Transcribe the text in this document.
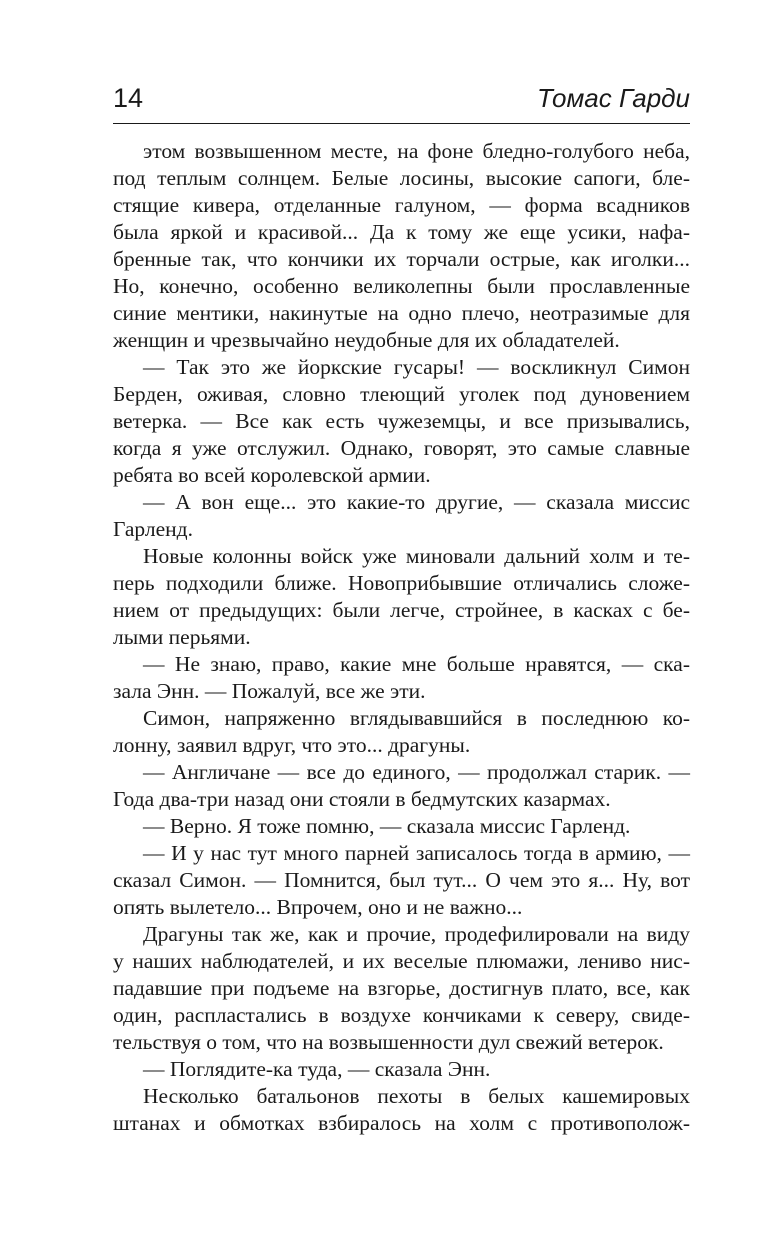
14	Томас Гарди

этом возвышенном месте, на фоне бледно-голубого неба,
под теплым солнцем. Белые лосины, высокие сапоги, бле-
стящие кивера, отделанные галуном, — форма всадников
была яркой и красивой... Да к тому же еще усики, нафа-
бренные так, что кончики их торчали острые, как иголки...
Но, конечно, особенно великолепны были прославленные
синие ментики, накинутые на одно плечо, неотразимые для
женщин и чрезвычайно неудобные для их обладателей.

— Так это же йоркские гусары! — воскликнул Симон
Берден, оживая, словно тлеющий уголек под дуновением
ветерка. — Все как есть чужеземцы, и все призывались,
когда я уже отслужил. Однако, говорят, это самые славные
ребята во всей королевской армии.

— А вон еще... это какие-то другие, — сказала миссис
Гарленд.

Новые колонны войск уже миновали дальний холм и те-
перь подходили ближе. Новоприбывшие отличались сложе-
нием от предыдущих: были легче, стройнее, в касках с бе-
лыми перьями.

— Не знаю, право, какие мне больше нравятся, — ска-
зала Энн. — Пожалуй, все же эти.

Симон, напряженно вглядывавшийся в последнюю ко-
лонну, заявил вдруг, что это... драгуны.

— Англичане — все до единого, — продолжал старик. —
Года два-три назад они стояли в бедмутских казармах.

— Верно. Я тоже помню, — сказала миссис Гарленд.

— И у нас тут много парней записалось тогда в армию, —
сказал Симон. — Помнится, был тут... О чем это я... Ну, вот
опять вылетело... Впрочем, оно и не важно...

Драгуны так же, как и прочие, продефилировали на виду
у наших наблюдателей, и их веселые плюмажи, лениво нис-
падавшие при подъеме на взгорье, достигнув плато, все, как
один, распластались в воздухе кончиками к северу, свиде-
тельствуя о том, что на возвышенности дул свежий ветерок.

— Поглядите-ка туда, — сказала Энн.

Несколько батальонов пехоты в белых кашемировых
штанах и обмотках взбиралось на холм с противополож-
